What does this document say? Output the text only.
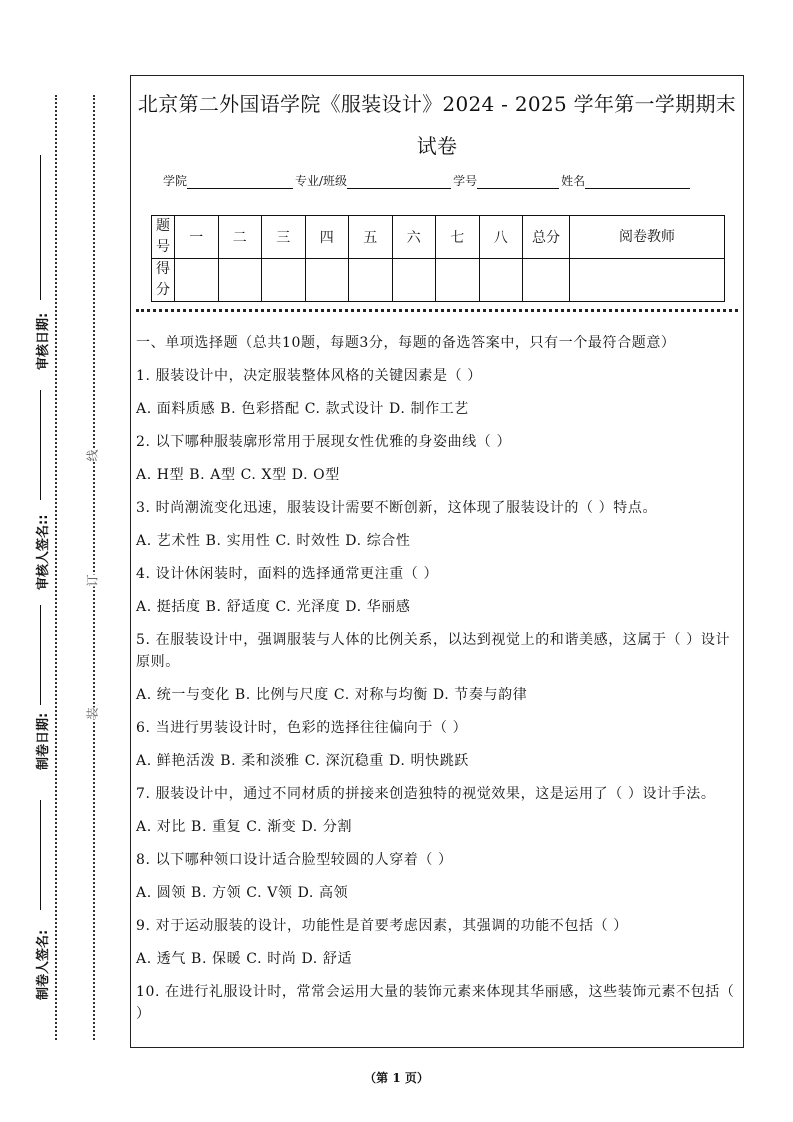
线
订
装
制卷人签名:
制卷日期:
审核人签名::
审核日期:
北京第二外国语学院《服装设计》2024 - 2025 学年第一学期期末
试卷
学院	专业/班级	学号	姓名
题号	一	二	三	四	五	六	七	八	总分	阅卷教师
得分										

一、单项选择题（总共10题，每题3分，每题的备选答案中，只有一个最符合题意）

1. 服装设计中，决定服装整体风格的关键因素是（ ）

A. 面料质感 B. 色彩搭配 C. 款式设计 D. 制作工艺

2. 以下哪种服装廓形常用于展现女性优雅的身姿曲线（ ）

A. H型 B. A型 C. X型 D. O型

3. 时尚潮流变化迅速，服装设计需要不断创新，这体现了服装设计的（ ）特点。

A. 艺术性 B. 实用性 C. 时效性 D. 综合性

4. 设计休闲装时，面料的选择通常更注重（ ）

A. 挺括度 B. 舒适度 C. 光泽度 D. 华丽感

5. 在服装设计中，强调服装与人体的比例关系，以达到视觉上的和谐美感，这属于（ ）设计原则。

A. 统一与变化 B. 比例与尺度 C. 对称与均衡 D. 节奏与韵律

6. 当进行男装设计时，色彩的选择往往偏向于（ ）

A. 鲜艳活泼 B. 柔和淡雅 C. 深沉稳重 D. 明快跳跃

7. 服装设计中，通过不同材质的拼接来创造独特的视觉效果，这是运用了（ ）设计手法。

A. 对比 B. 重复 C. 渐变 D. 分割

8. 以下哪种领口设计适合脸型较圆的人穿着（ ）

A. 圆领 B. 方领 C. V领 D. 高领

9. 对于运动服装的设计，功能性是首要考虑因素，其强调的功能不包括（ ）

A. 透气 B. 保暖 C. 时尚 D. 舒适

10. 在进行礼服设计时，常常会运用大量的装饰元素来体现其华丽感，这些装饰元素不包括（ ）

（第 1 页）
